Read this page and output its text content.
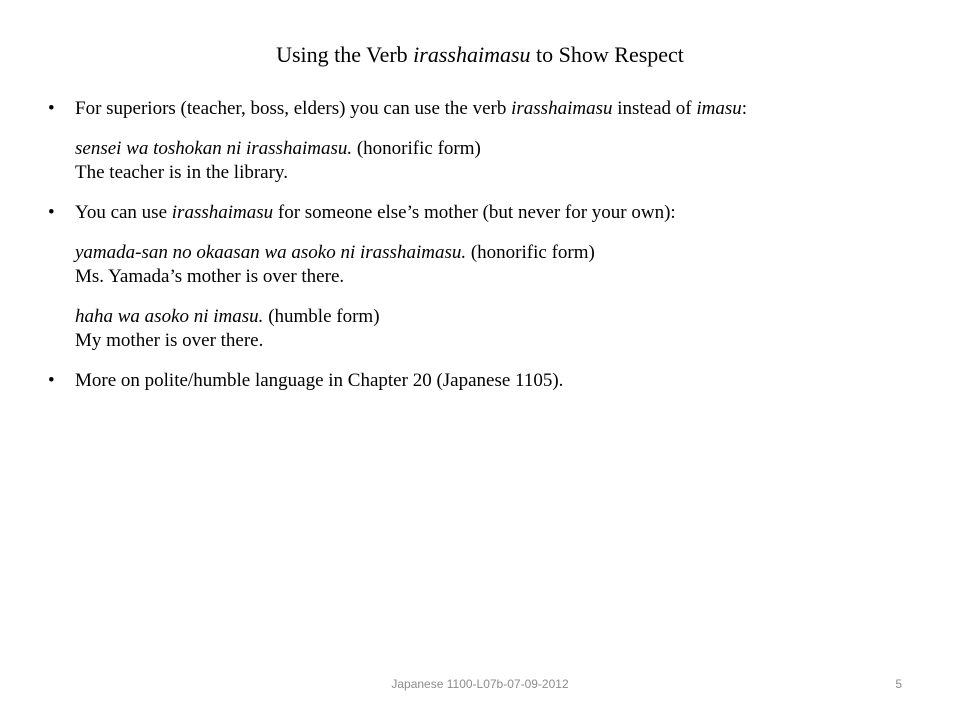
Using the Verb irasshaimasu to Show Respect
• For superiors (teacher, boss, elders) you can use the verb irasshaimasu instead of imasu:
sensei wa toshokan ni irasshaimasu. (honorific form)
The teacher is in the library.
• You can use irasshaimasu for someone else’s mother (but never for your own):
yamada-san no okaasan wa asoko ni irasshaimasu. (honorific form)
Ms. Yamada’s mother is over there.
haha wa asoko ni imasu. (humble form)
My mother is over there.
• More on polite/humble language in Chapter 20 (Japanese 1105).
Japanese 1100-L07b-07-09-2012	5
